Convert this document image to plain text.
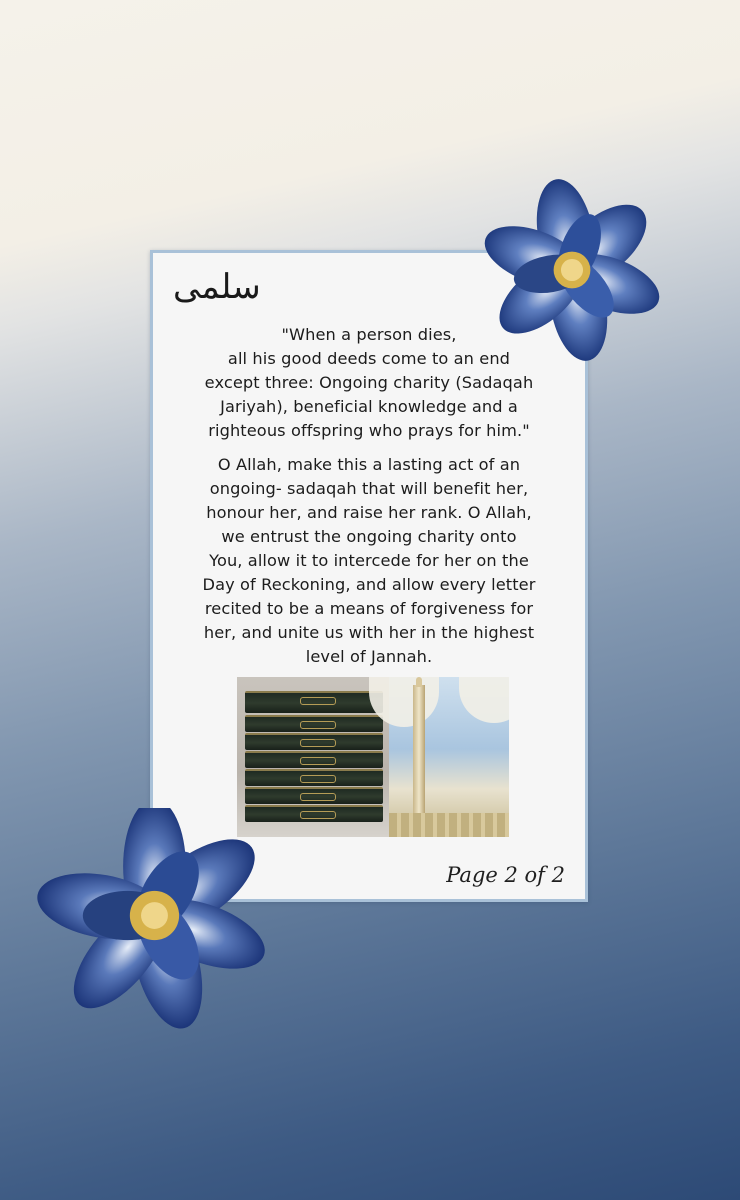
سلمى

"When a person dies,
all his good deeds come to an end
except three: Ongoing charity (Sadaqah
Jariyah), beneficial knowledge and a
righteous offspring who prays for him."

O Allah, make this a lasting act of an
ongoing- sadaqah that will benefit her,
honour her, and raise her rank. O Allah,
we entrust the ongoing charity onto
You, allow it to intercede for her on the
Day of Reckoning, and allow every letter
recited to be a means of forgiveness for
her, and unite us with her in the highest
level of Jannah.

Page 2 of 2
